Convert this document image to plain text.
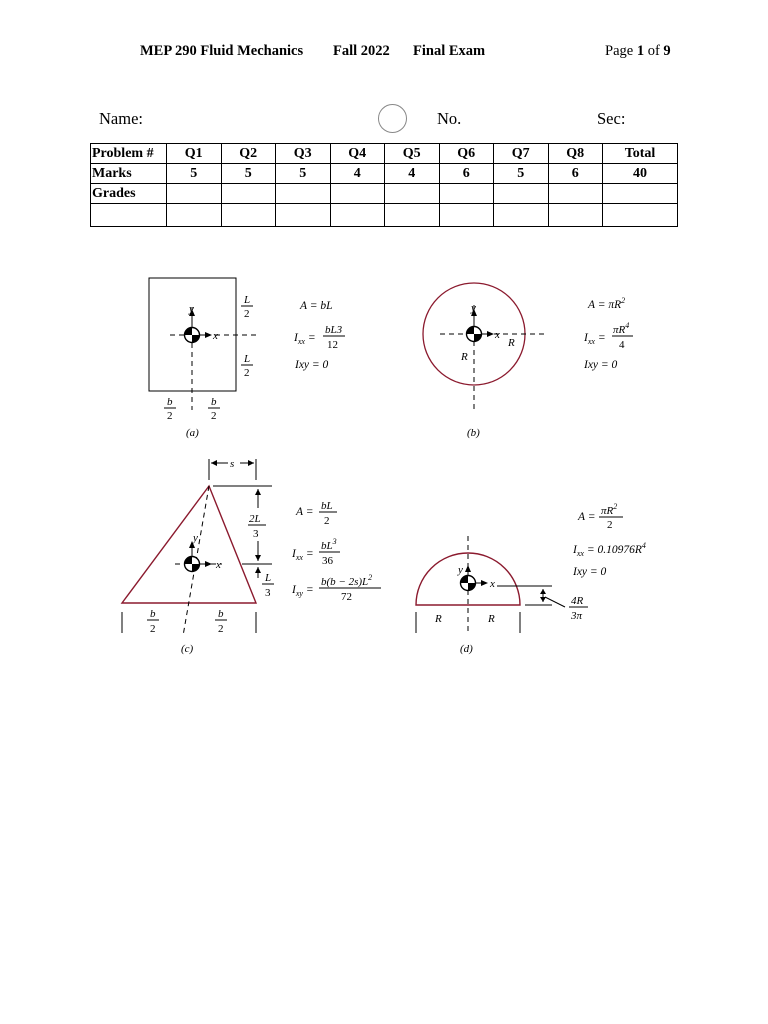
MEP 290 Fluid Mechanics Fall 2022 Final Exam	Page 1 of 9
Name:	No.	Sec:
Problem #	Q1	Q2	Q3	Q4	Q5	Q6	Q7	Q8	Total
Marks	5	5	5	4	4	6	5	6	40
Grades									

y
x
L
2
L
2
b
2
b
2
A = bL
$I_{xx}$ =
bL3
12
Ixy = 0
(a)
y
x
R
R
$A = \pi R^2$
$I_{xx}$ =
$\pi R^4$
4
Ixy = 0
(b)
y
x
s
2L
3
L
3
b
2
b
2
A = bL
2
$I_{xx}$ =
$bL^3$
36
$I_{xy}$ =
$b(b - 2s)L^2$
72
(c)
y
x
4R
3π
R	R
$A = \pi R^2$
2
$I_{xx} = 0.10976R^4$
Ixy = 0
(d)
